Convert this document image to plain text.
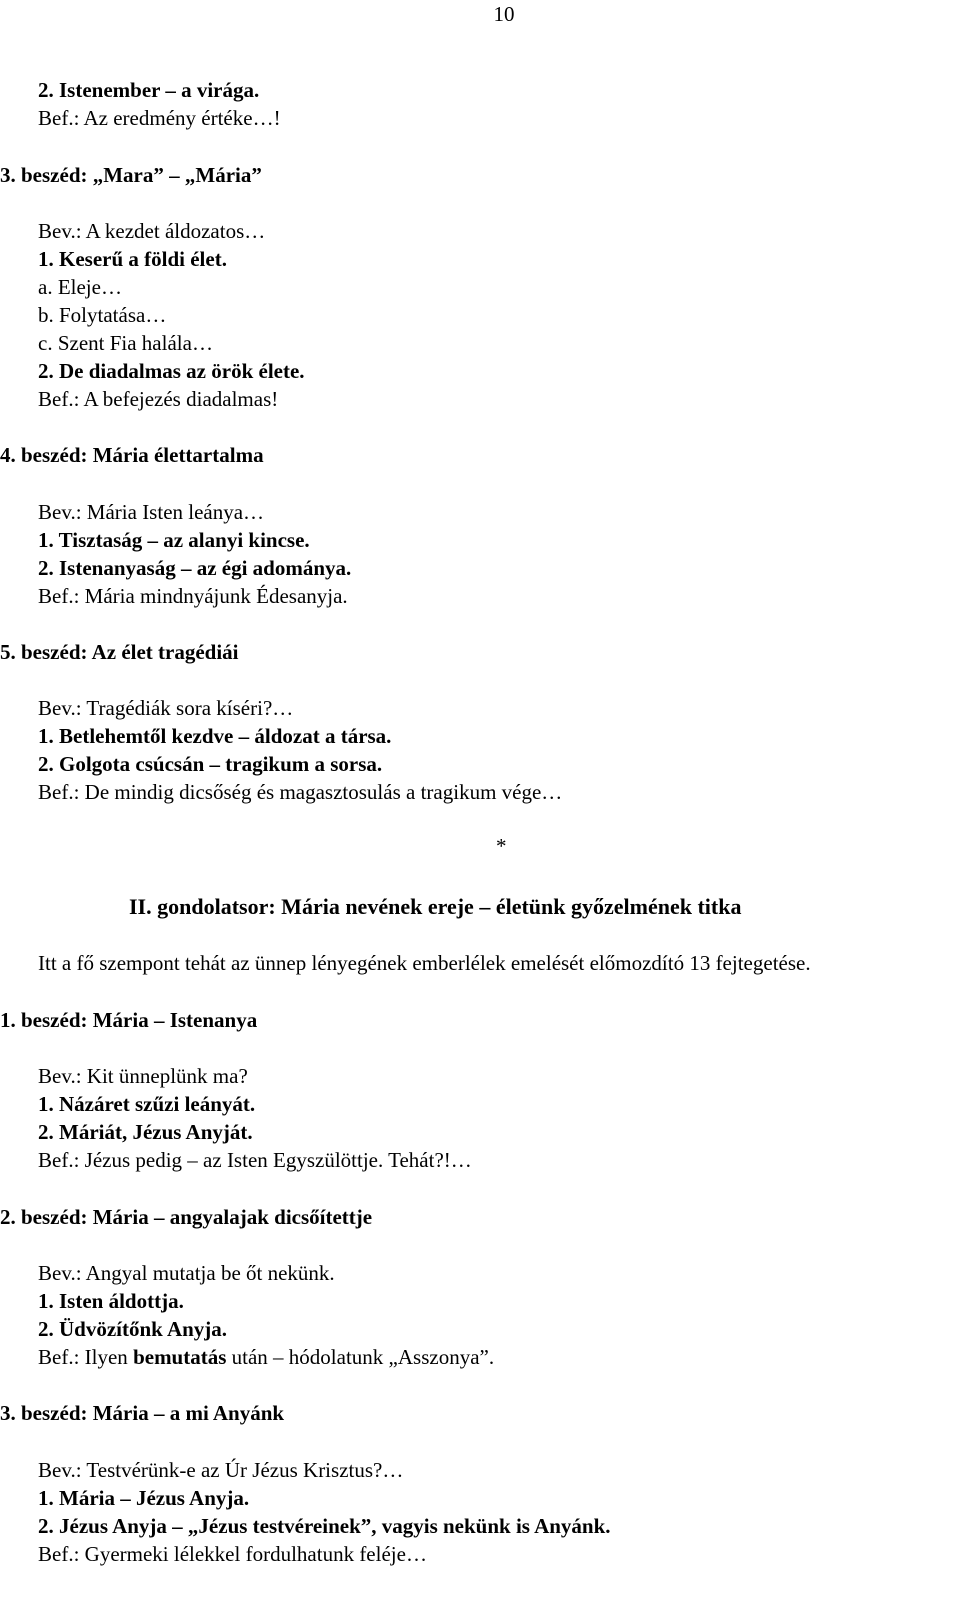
10
2. Istenember – a virága.
Bef.: Az eredmény értéke…!
3. beszéd: „Mara” – „Mária”
Bev.: A kezdet áldozatos…
1. Keserű a földi élet.
a. Eleje…
b. Folytatása…
c. Szent Fia halála…
2. De diadalmas az örök élete.
Bef.: A befejezés diadalmas!
4. beszéd: Mária élettartalma
Bev.: Mária Isten leánya…
1. Tisztaság – az alanyi kincse.
2. Istenanyaság – az égi adománya.
Bef.: Mária mindnyájunk Édesanyja.
5. beszéd: Az élet tragédiái
Bev.: Tragédiák sora kíséri?…
1. Betlehemtől kezdve – áldozat a társa.
2. Golgota csúcsán – tragikum a sorsa.
Bef.: De mindig dicsőség és magasztosulás a tragikum vége…
*
II. gondolatsor: Mária nevének ereje – életünk győzelmének titka
Itt a fő szempont tehát az ünnep lényegének emberlélek emelését előmozdító 13 fejtegetése.
1. beszéd: Mária – Istenanya
Bev.: Kit ünneplünk ma?
1. Názáret szűzi leányát.
2. Máriát, Jézus Anyját.
Bef.: Jézus pedig – az Isten Egyszülöttje. Tehát?!…
2. beszéd: Mária – angyalajak dicsőítettje
Bev.: Angyal mutatja be őt nekünk.
1. Isten áldottja.
2. Üdvözítőnk Anyja.
Bef.: Ilyen bemutatás után – hódolatunk „Asszonya”.
3. beszéd: Mária – a mi Anyánk
Bev.: Testvérünk-e az Úr Jézus Krisztus?…
1. Mária – Jézus Anyja.
2. Jézus Anyja – „Jézus testvéreinek”, vagyis nekünk is Anyánk.
Bef.: Gyermeki lélekkel fordulhatunk feléje…
